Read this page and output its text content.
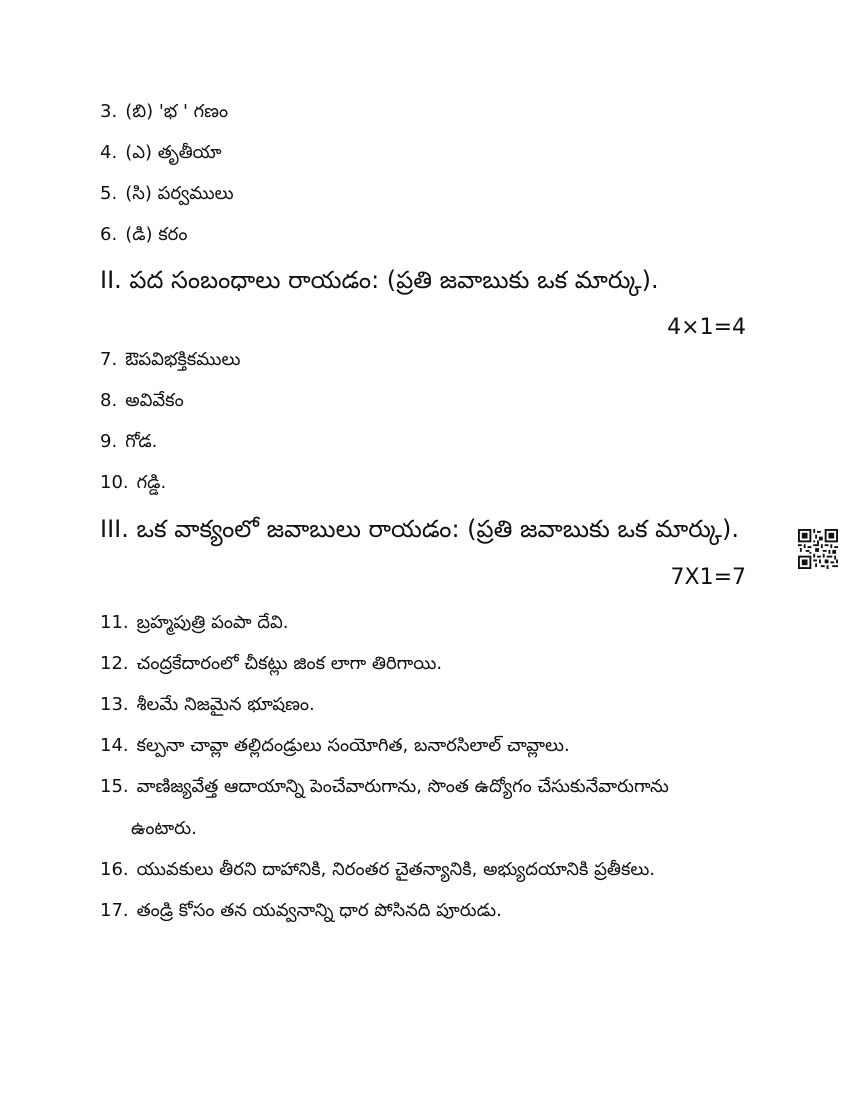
3. (బి) 'భ ' గణం
4. (ఎ) తృతీయా
5. (సి) పర్వములు
6. (డి) కరం
II. పద సంబంధాలు రాయడం: (ప్రతి జవాబుకు ఒక మార్కు).
4×1=4
7. ఔపవిభక్తికములు
8. అవివేకం
9. గోడ.
10. గడ్డి.
III. ఒక వాక్యంలో జవాబులు రాయడం: (ప్రతి జవాబుకు ఒక మార్కు).
7X1=7
11. బ్రహ్మపుత్రి పంపా దేవి.
12. చంద్రకేదారంలో చీకట్లు జింక లాగా తిరిగాయి.
13. శీలమే నిజమైన భూషణం.
14. కల్పనా చావ్లా తల్లిదండ్రులు సంయోగిత, బనారసిలాల్ చావ్లాలు.
15. వాణిజ్యవేత్త ఆదాయాన్ని పెంచేవారుగాను, సొంత ఉద్యోగం చేసుకునేవారుగాను
ఉంటారు.
16. యువకులు తీరని దాహానికి, నిరంతర చైతన్యానికి, అభ్యుదయానికి ప్రతీకలు.
17. తండ్రి కోసం తన యవ్వనాన్ని ధార పోసినది పూరుడు.
